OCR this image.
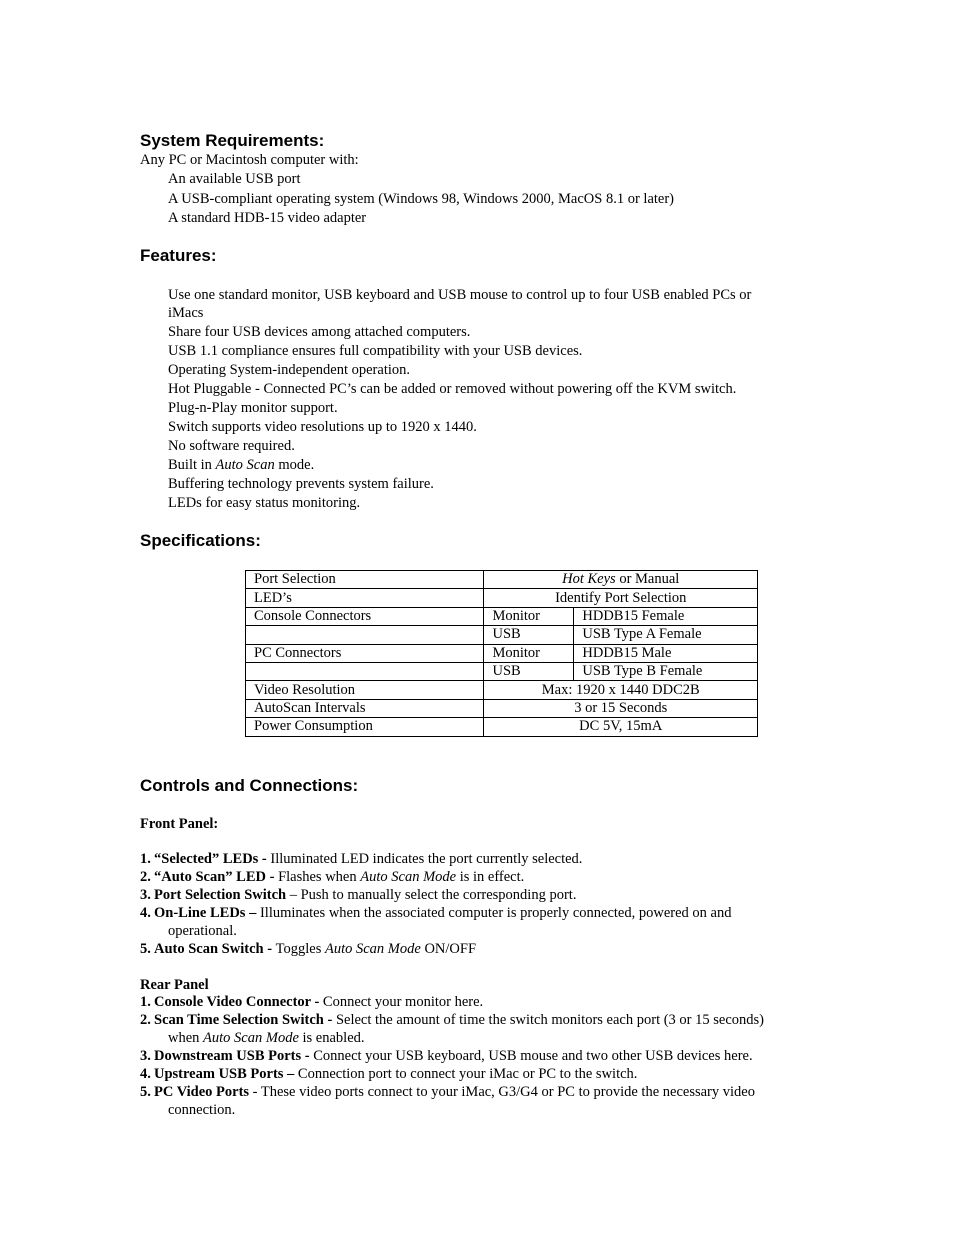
System Requirements:
Any PC or Macintosh computer with:
An available USB port
A USB-compliant operating system (Windows 98, Windows 2000, MacOS 8.1 or later)
A standard HDB-15 video adapter
Features:
Use one standard monitor, USB keyboard and USB mouse to control up to four USB enabled PCs or
iMacs
Share four USB devices among attached computers.
USB 1.1 compliance ensures full compatibility with your USB devices.
Operating System-independent operation.
Hot Pluggable - Connected PC’s can be added or removed without powering off the KVM switch.
Plug-n-Play monitor support.
Switch supports video resolutions up to 1920 x 1440.
No software required.
Built in Auto Scan mode.
Buffering technology prevents system failure.
LEDs for easy status monitoring.
Specifications:
Port Selection	Hot Keys or Manual	
LED’s	Identify Port Selection	
Console Connectors	Monitor	HDDB15 Female
	USB	USB Type A Female
PC Connectors	Monitor	HDDB15 Male
	USB	USB Type B Female
Video Resolution	Max: 1920 x 1440 DDC2B	
AutoScan Intervals	3 or 15 Seconds	
Power Consumption	DC 5V, 15mA	
Controls and Connections:
Front Panel:
1. “Selected” LEDs - Illuminated LED indicates the port currently selected.
2. “Auto Scan” LED - Flashes when Auto Scan Mode is in effect.
3. Port Selection Switch – Push to manually select the corresponding port.
4. On-Line LEDs – Illuminates when the associated computer is properly connected, powered on and
operational.
5. Auto Scan Switch - Toggles Auto Scan Mode ON/OFF
Rear Panel
1. Console Video Connector - Connect your monitor here.
2. Scan Time Selection Switch - Select the amount of time the switch monitors each port (3 or 15 seconds)
when Auto Scan Mode is enabled.
3. Downstream USB Ports - Connect your USB keyboard, USB mouse and two other USB devices here.
4. Upstream USB Ports – Connection port to connect your iMac or PC to the switch.
5. PC Video Ports - These video ports connect to your iMac, G3/G4 or PC to provide the necessary video
connection.
